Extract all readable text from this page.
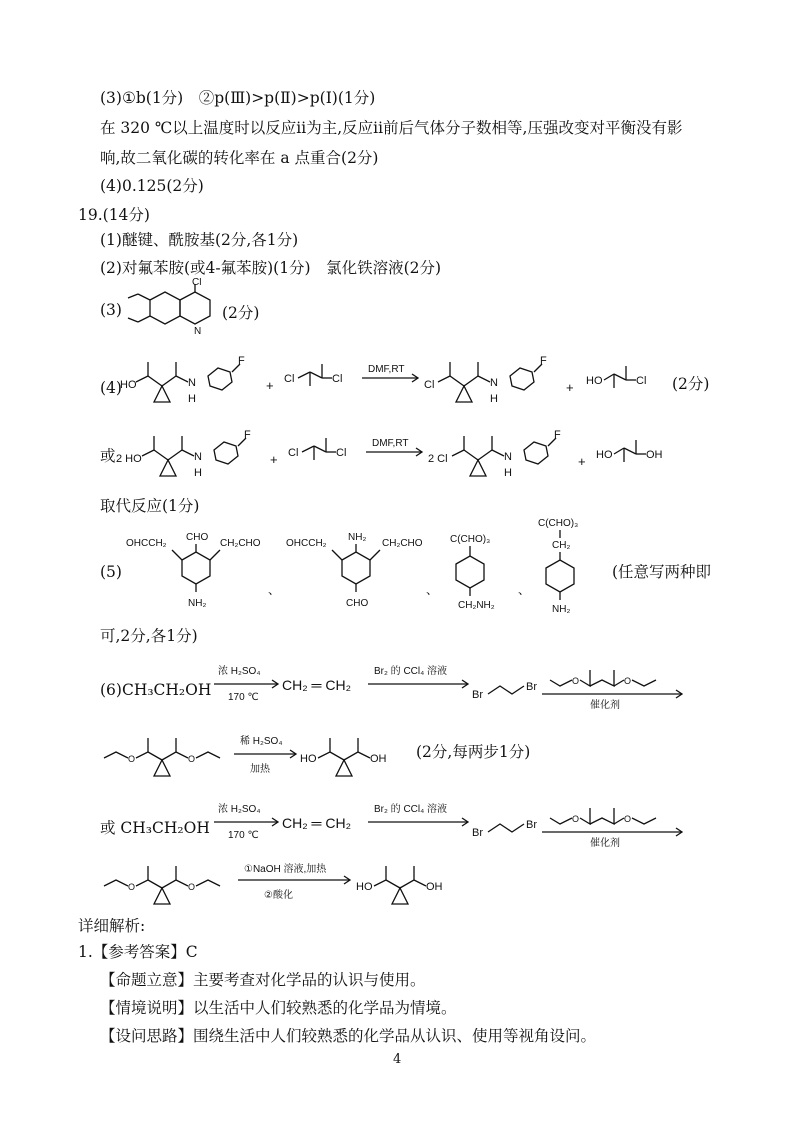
(3)①b(1分)　②p(Ⅲ)>p(Ⅱ)>p(Ⅰ)(1分)
在 320 ℃以上温度时以反应ⅱ为主,反应ⅱ前后气体分子数相等,压强改变对平衡没有影
响,故二氧化碳的转化率在 a 点重合(2分)
(4)0.125(2分)
19.(14分)
(1)醚键、酰胺基(2分,各1分)
(2)对氟苯胺(或4-氟苯胺)(1分)　氯化铁溶液(2分)
(3)
Cl
N
(2分)
(4)
HO	N
H
F
+ Cl	Cl
DMF,RT
Cl	N
H
F
+ HO	Cl (2分)
或 2 HO	N
H
F
+ Cl	Cl
DMF,RT
2 Cl	N
H
F
+ HO	OH
取代反应(1分)
(5)
OHCCH₂
CHO
CH₂CHO
NH₂
、
OHCCH₂
NH₂
CH₂CHO
CHO
、
C(CHO)₃
CH₂NH₂
、
C(CHO)₃
CH₂
NH₂
(任意写两种即
可,2分,各1分)
(6)CH₃CH₂OH
浓 H₂SO₄
170 ℃
CH₂ ═ CH₂
Br₂ 的 CCl₄ 溶液
Br
Br	O	O
催化剂
O	O
稀 H₂SO₄
加热
HO	OH (2分,每两步1分)
或 CH₃CH₂OH
浓 H₂SO₄
170 ℃
CH₂ ═ CH₂
Br₂ 的 CCl₄ 溶液
Br
Br	O	O
催化剂
O	O
①NaOH 溶液,加热
②酸化
HO	OH
详细解析:
1.【参考答案】C
【命题立意】主要考查对化学品的认识与使用。
【情境说明】以生活中人们较熟悉的化学品为情境。
【设问思路】围绕生活中人们较熟悉的化学品从认识、使用等视角设问。
4
